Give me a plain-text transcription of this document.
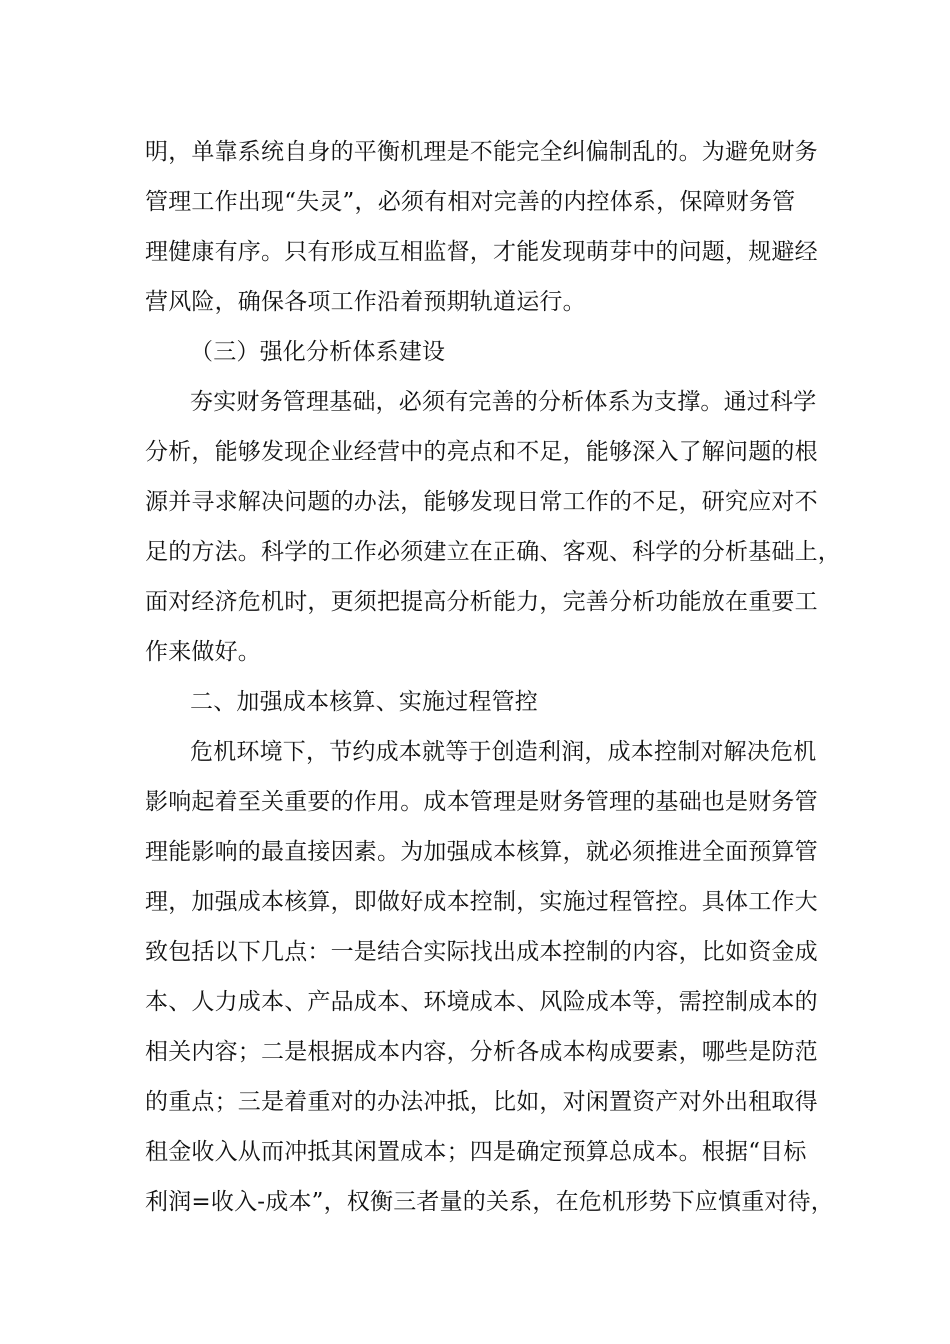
明，单靠系统自身的平衡机理是不能完全纠偏制乱的。为避免财务
管理工作出现“失灵”，必须有相对完善的内控体系，保障财务管
理健康有序。只有形成互相监督，才能发现萌芽中的问题，规避经
营风险，确保各项工作沿着预期轨道运行。
（三）强化分析体系建设
夯实财务管理基础，必须有完善的分析体系为支撑。通过科学
分析，能够发现企业经营中的亮点和不足，能够深入了解问题的根
源并寻求解决问题的办法，能够发现日常工作的不足，研究应对不
足的方法。科学的工作必须建立在正确、客观、科学的分析基础上，
面对经济危机时，更须把提高分析能力，完善分析功能放在重要工
作来做好。
二、加强成本核算、实施过程管控
危机环境下，节约成本就等于创造利润，成本控制对解决危机
影响起着至关重要的作用。成本管理是财务管理的基础也是财务管
理能影响的最直接因素。为加强成本核算，就必须推进全面预算管
理，加强成本核算，即做好成本控制，实施过程管控。具体工作大
致包括以下几点：一是结合实际找出成本控制的内容，比如资金成
本、人力成本、产品成本、环境成本、风险成本等，需控制成本的
相关内容；二是根据成本内容，分析各成本构成要素，哪些是防范
的重点；三是着重对的办法冲抵，比如，对闲置资产对外出租取得
租金收入从而冲抵其闲置成本；四是确定预算总成本。根据“目标
利润=收入-成本”，权衡三者量的关系，在危机形势下应慎重对待，
